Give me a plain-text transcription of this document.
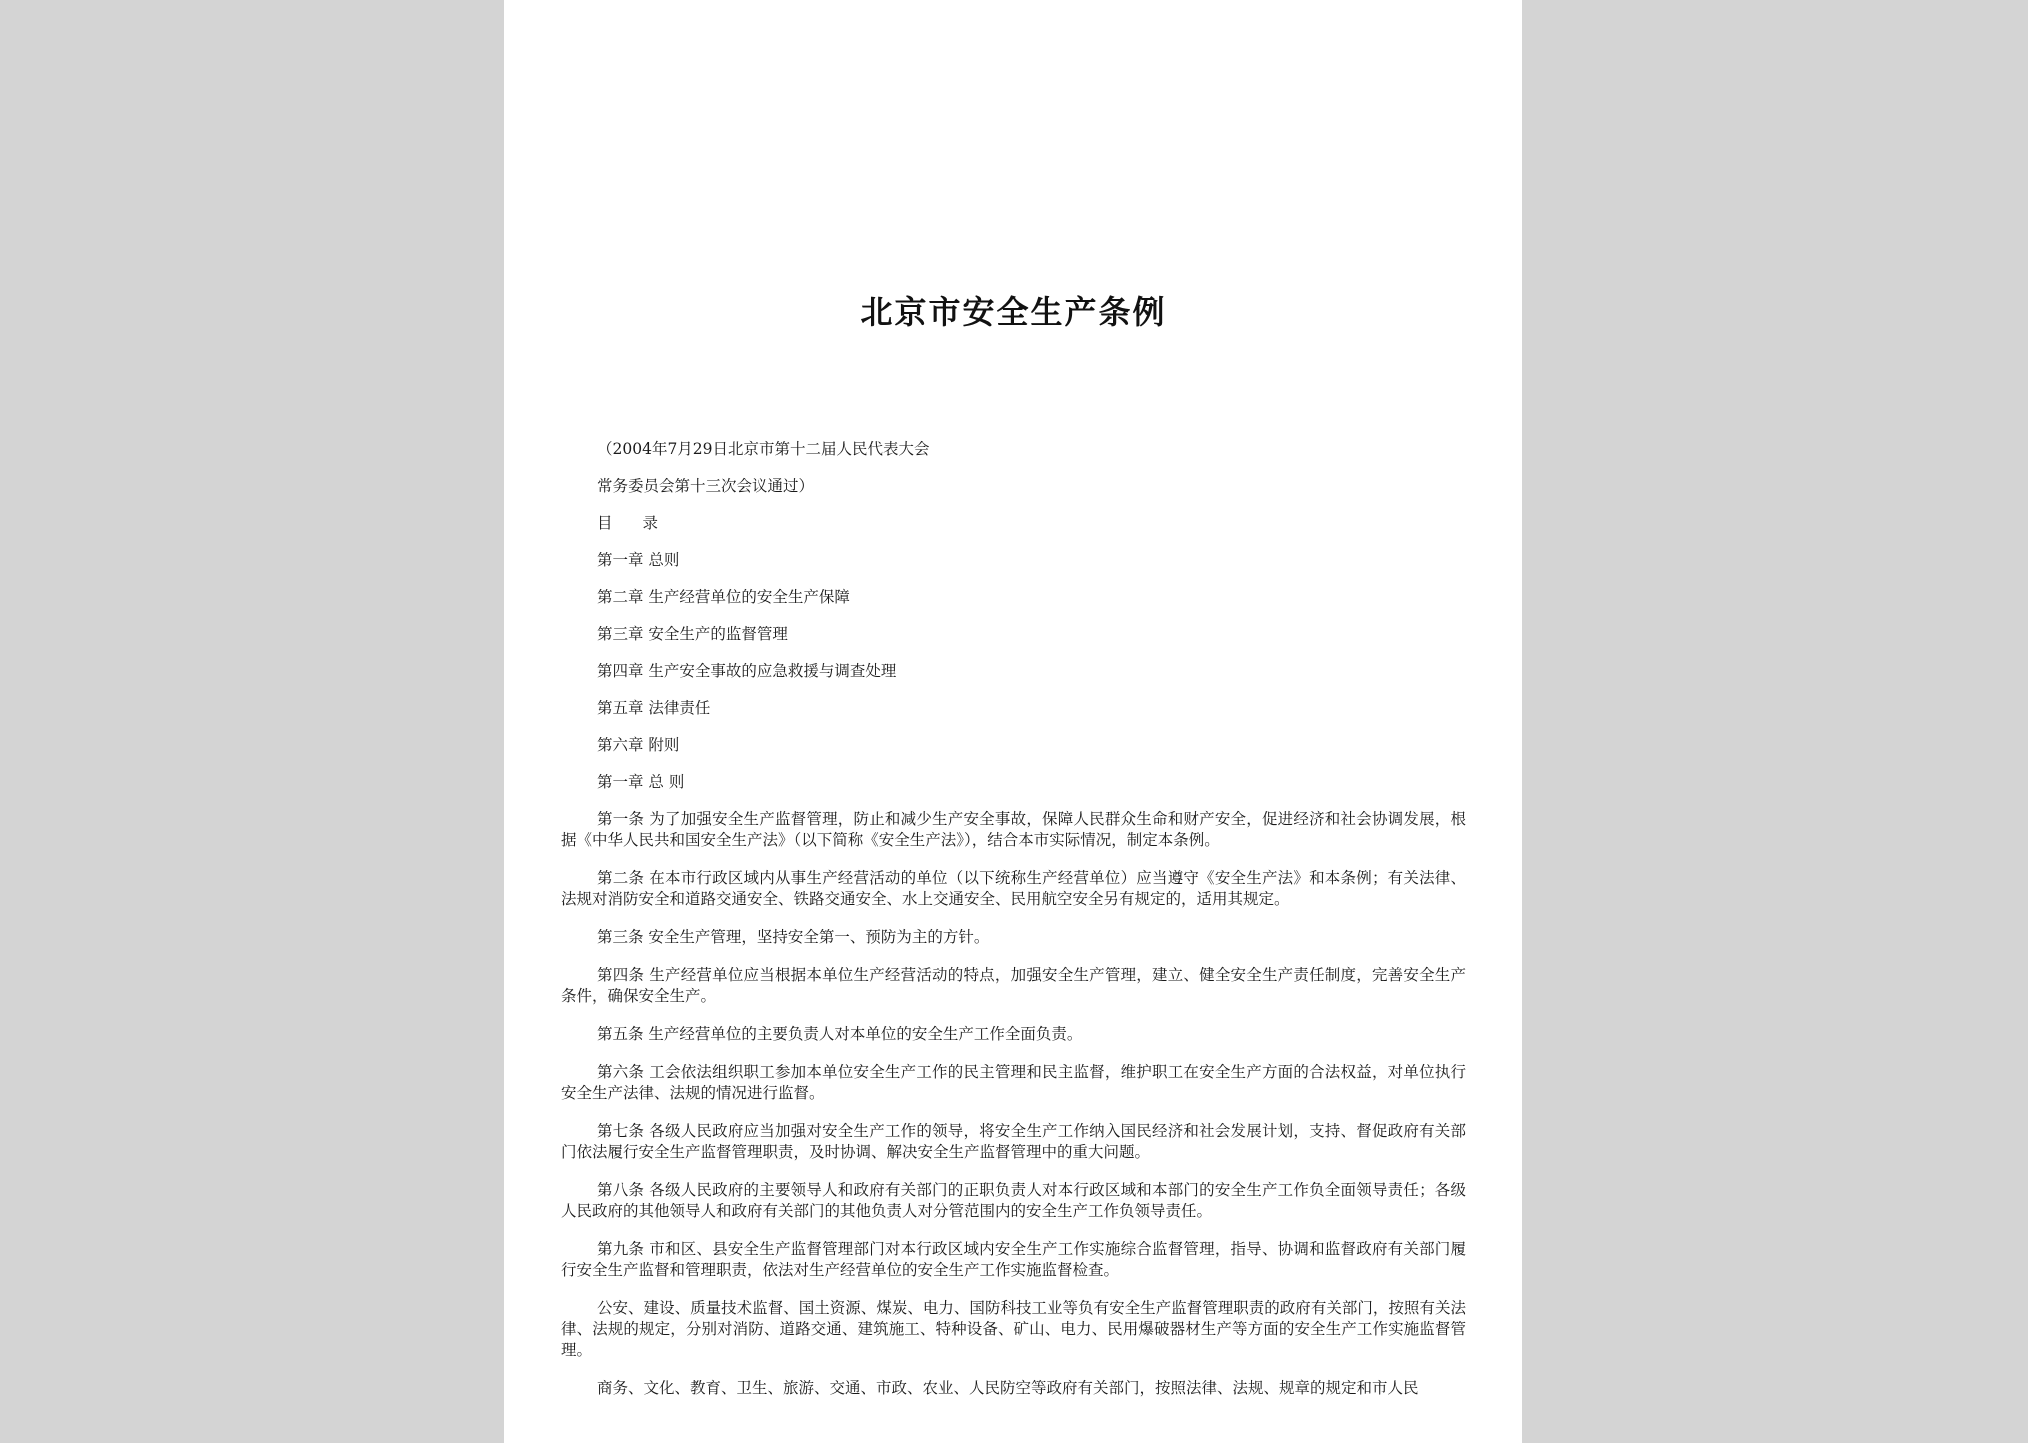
北京市安全生产条例

（2004年7月29日北京市第十二届人民代表大会

常务委员会第十三次会议通过）

目 录

第一章 总则

第二章 生产经营单位的安全生产保障

第三章 安全生产的监督管理

第四章 生产安全事故的应急救援与调查处理

第五章 法律责任

第六章 附则

第一章 总 则

第一条 为了加强安全生产监督管理，防止和减少生产安全事故，保障人民群众生命和财产安全，促进经济和社会协调发展，根据《中华人民共和国安全生产法》（以下简称《安全生产法》），结合本市实际情况，制定本条例。

第二条 在本市行政区域内从事生产经营活动的单位（以下统称生产经营单位）应当遵守《安全生产法》和本条例；有关法律、法规对消防安全和道路交通安全、铁路交通安全、水上交通安全、民用航空安全另有规定的，适用其规定。

第三条 安全生产管理，坚持安全第一、预防为主的方针。

第四条 生产经营单位应当根据本单位生产经营活动的特点，加强安全生产管理，建立、健全安全生产责任制度，完善安全生产条件，确保安全生产。

第五条 生产经营单位的主要负责人对本单位的安全生产工作全面负责。

第六条 工会依法组织职工参加本单位安全生产工作的民主管理和民主监督，维护职工在安全生产方面的合法权益，对单位执行安全生产法律、法规的情况进行监督。

第七条 各级人民政府应当加强对安全生产工作的领导，将安全生产工作纳入国民经济和社会发展计划，支持、督促政府有关部门依法履行安全生产监督管理职责，及时协调、解决安全生产监督管理中的重大问题。

第八条 各级人民政府的主要领导人和政府有关部门的正职负责人对本行政区域和本部门的安全生产工作负全面领导责任；各级人民政府的其他领导人和政府有关部门的其他负责人对分管范围内的安全生产工作负领导责任。

第九条 市和区、县安全生产监督管理部门对本行政区域内安全生产工作实施综合监督管理，指导、协调和监督政府有关部门履行安全生产监督和管理职责，依法对生产经营单位的安全生产工作实施监督检查。

公安、建设、质量技术监督、国土资源、煤炭、电力、国防科技工业等负有安全生产监督管理职责的政府有关部门，按照有关法律、法规的规定，分别对消防、道路交通、建筑施工、特种设备、矿山、电力、民用爆破器材生产等方面的安全生产工作实施监督管理。

商务、文化、教育、卫生、旅游、交通、市政、农业、人民防空等政府有关部门，按照法律、法规、规章的规定和市人民
